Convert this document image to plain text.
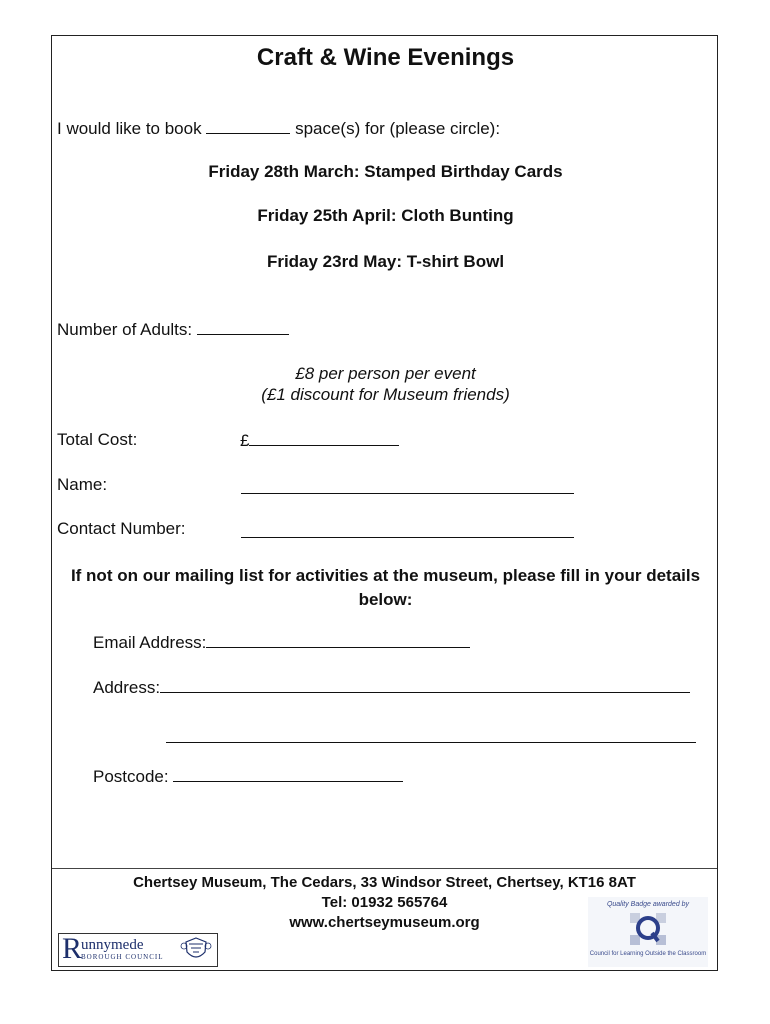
Craft & Wine Evenings
I would like to book	space(s) for (please circle):
Friday 28th March: Stamped Birthday Cards
Friday 25th April: Cloth Bunting
Friday 23rd May: T-shirt Bowl
Number of Adults:
£8 per person per event
(£1 discount for Museum friends)
Total Cost:	£
Name:
Contact Number:
If not on our mailing list for activities at the museum, please fill in your details below:
Email Address:
Address:
Postcode:
Chertsey Museum, The Cedars, 33 Windsor Street, Chertsey, KT16 8AT
Tel: 01932 565764
www.chertseymuseum.org
R
unnymede
BOROUGH COUNCIL
Quality Badge awarded by
Council for Learning Outside the Classroom
